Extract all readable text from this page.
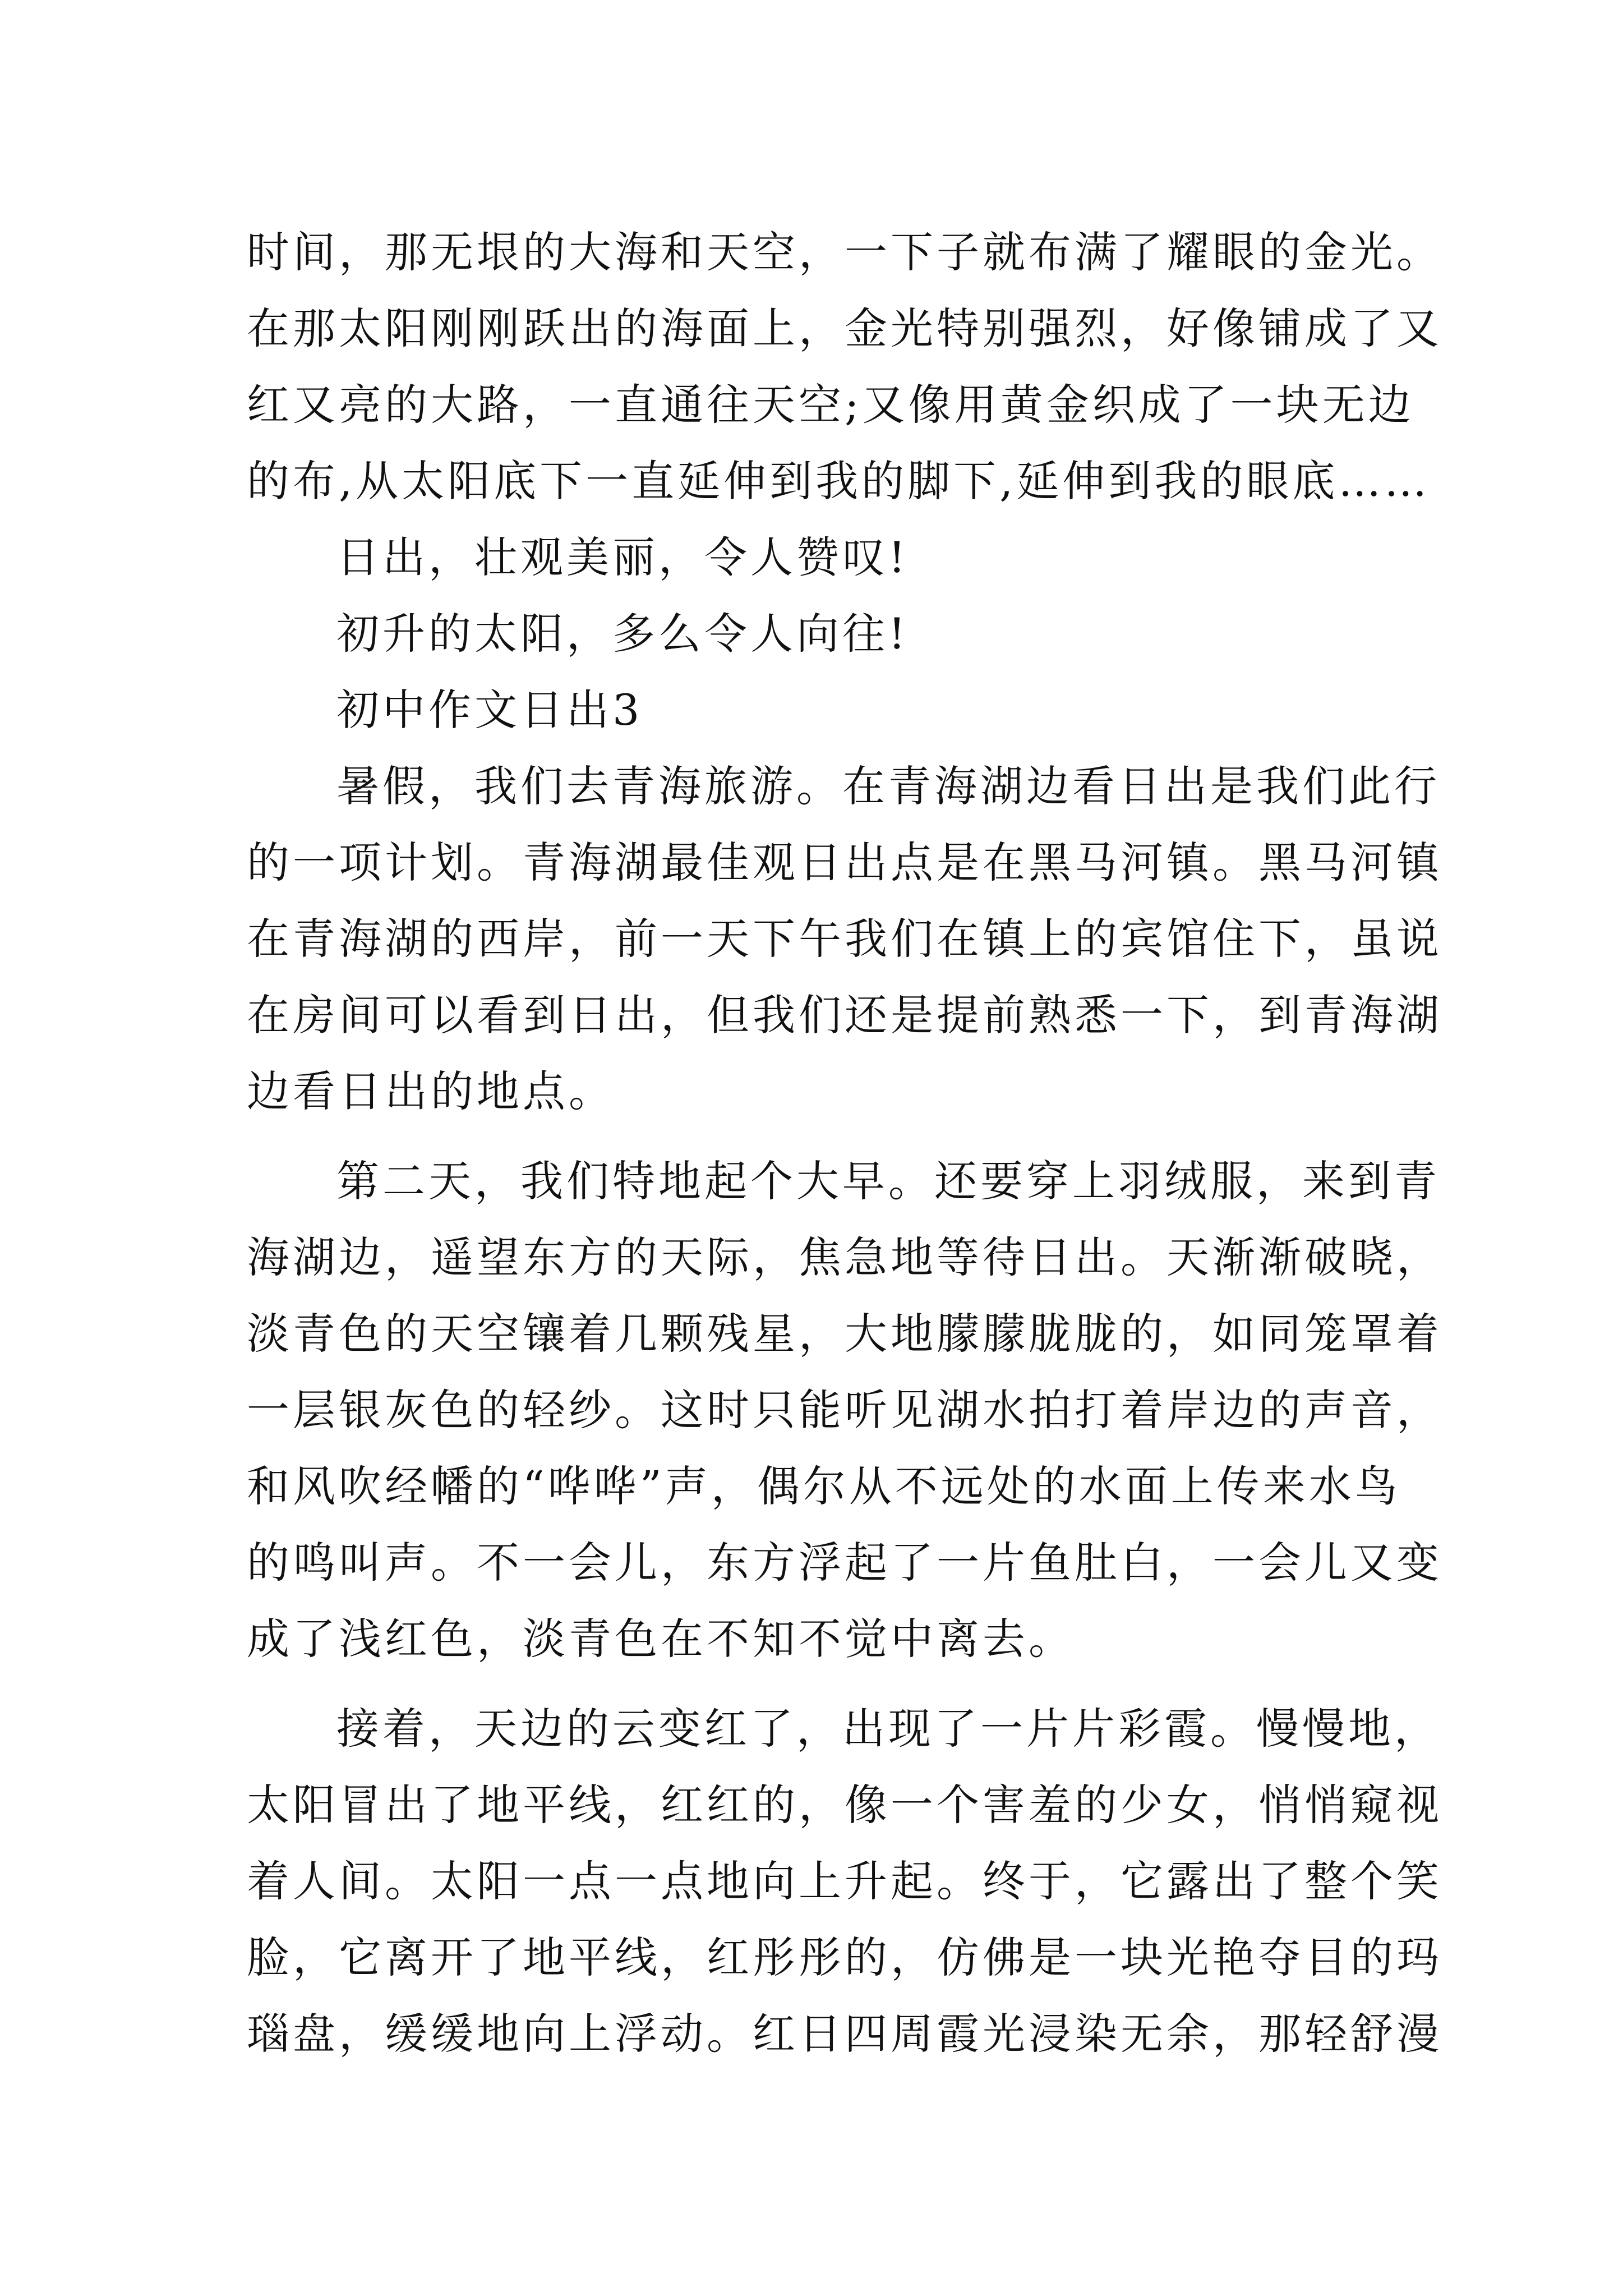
时间，那无垠的大海和天空，一下子就布满了耀眼的金光。
在那太阳刚刚跃出的海面上，金光特别强烈，好像铺成了又
红又亮的大路，一直通往天空;又像用黄金织成了一块无边
的布,从太阳底下一直延伸到我的脚下,延伸到我的眼底……
日出，壮观美丽，令人赞叹!
初升的太阳，多么令人向往!
初中作文日出3
暑假，我们去青海旅游。在青海湖边看日出是我们此行
的一项计划。青海湖最佳观日出点是在黑马河镇。黑马河镇
在青海湖的西岸，前一天下午我们在镇上的宾馆住下，虽说
在房间可以看到日出，但我们还是提前熟悉一下，到青海湖
边看日出的地点。
第二天，我们特地起个大早。还要穿上羽绒服，来到青
海湖边，遥望东方的天际，焦急地等待日出。天渐渐破晓，
淡青色的天空镶着几颗残星，大地朦朦胧胧的，如同笼罩着
一层银灰色的轻纱。这时只能听见湖水拍打着岸边的声音，
和风吹经幡的“哗哗”声，偶尔从不远处的水面上传来水鸟
的鸣叫声。不一会儿，东方浮起了一片鱼肚白，一会儿又变
成了浅红色，淡青色在不知不觉中离去。
接着，天边的云变红了，出现了一片片彩霞。慢慢地，
太阳冒出了地平线，红红的，像一个害羞的少女，悄悄窥视
着人间。太阳一点一点地向上升起。终于，它露出了整个笑
脸，它离开了地平线，红彤彤的，仿佛是一块光艳夺目的玛
瑙盘，缓缓地向上浮动。红日四周霞光浸染无余，那轻舒漫
